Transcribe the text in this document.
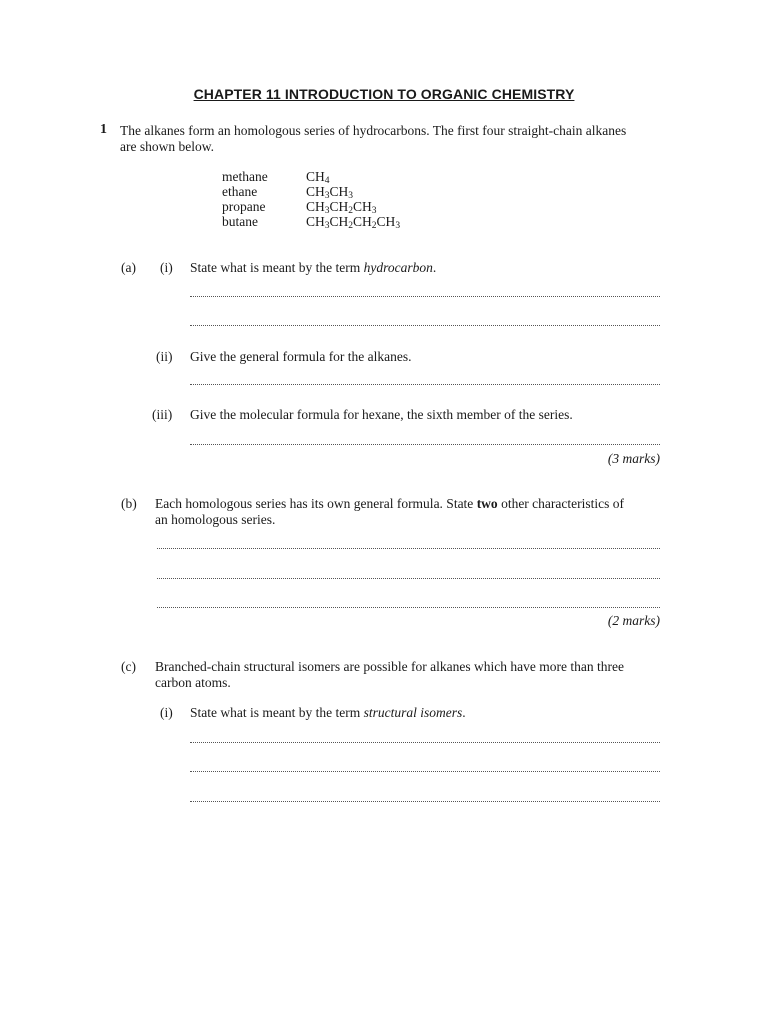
CHAPTER 11 INTRODUCTION TO ORGANIC CHEMISTRY
1 The alkanes form an homologous series of hydrocarbons. The first four straight-chain alkanes
are shown below.
methane
ethane
propane
butane
$CH_4$
$CH_3CH_3$
$CH_3CH_2CH_3$
$CH_3CH_2CH_2CH_3$
(a) (i) State what is meant by the term hydrocarbon.
(ii) Give the general formula for the alkanes.
(iii) Give the molecular formula for hexane, the sixth member of the series.
(3 marks)
(b) Each homologous series has its own general formula. State two other characteristics of
an homologous series.
(2 marks)
(c) Branched-chain structural isomers are possible for alkanes which have more than three
carbon atoms.
(i) State what is meant by the term structural isomers.
